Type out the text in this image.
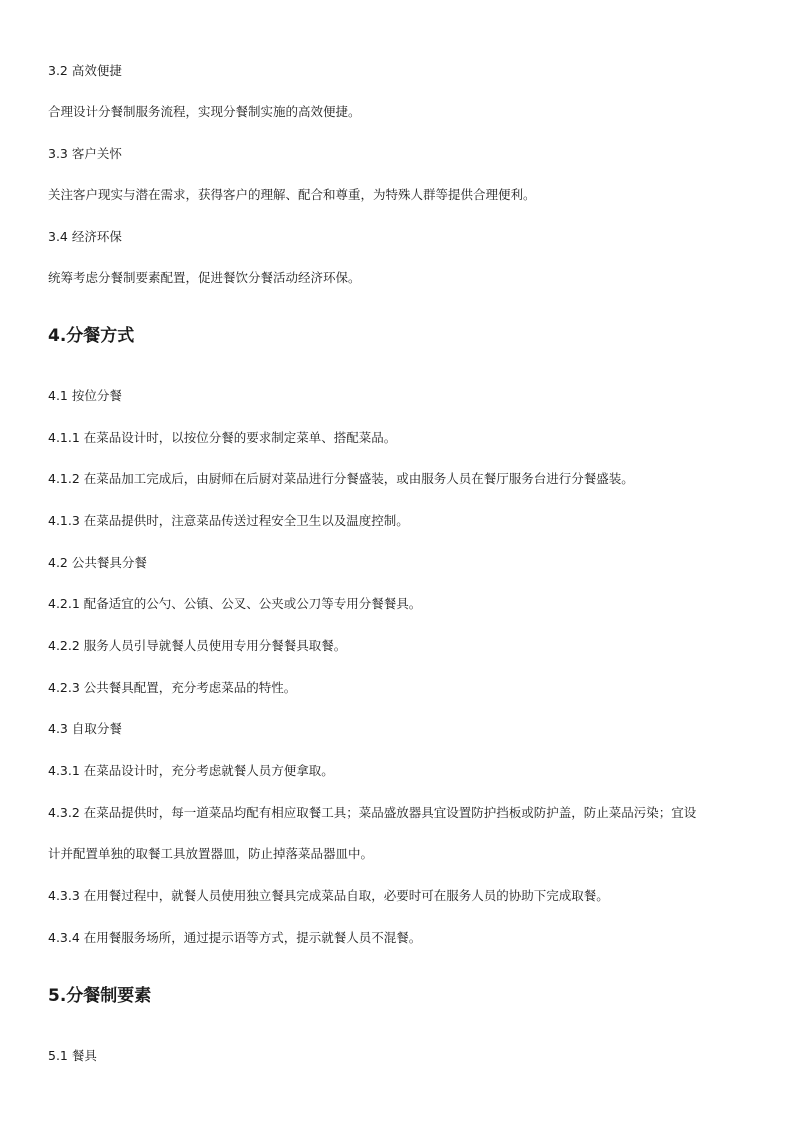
3.2 高效便捷
合理设计分餐制服务流程，实现分餐制实施的高效便捷。
3.3 客户关怀
关注客户现实与潜在需求，获得客户的理解、配合和尊重，为特殊人群等提供合理便利。
3.4 经济环保
统筹考虑分餐制要素配置，促进餐饮分餐活动经济环保。
4.分餐方式
4.1 按位分餐
4.1.1 在菜品设计时，以按位分餐的要求制定菜单、搭配菜品。
4.1.2 在菜品加工完成后，由厨师在后厨对菜品进行分餐盛装，或由服务人员在餐厅服务台进行分餐盛装。
4.1.3 在菜品提供时，注意菜品传送过程安全卫生以及温度控制。
4.2 公共餐具分餐
4.2.1 配备适宜的公勺、公镇、公叉、公夹或公刀等专用分餐餐具。
4.2.2 服务人员引导就餐人员使用专用分餐餐具取餐。
4.2.3 公共餐具配置，充分考虑菜品的特性。
4.3 自取分餐
4.3.1 在菜品设计时，充分考虑就餐人员方便拿取。
4.3.2 在菜品提供时，每一道菜品均配有相应取餐工具；菜品盛放器具宜设置防护挡板或防护盖，防止菜品污染；宜设
计并配置单独的取餐工具放置器皿，防止掉落菜品器皿中。
4.3.3 在用餐过程中，就餐人员使用独立餐具完成菜品自取，必要时可在服务人员的协助下完成取餐。
4.3.4 在用餐服务场所，通过提示语等方式，提示就餐人员不混餐。
5.分餐制要素
5.1 餐具
